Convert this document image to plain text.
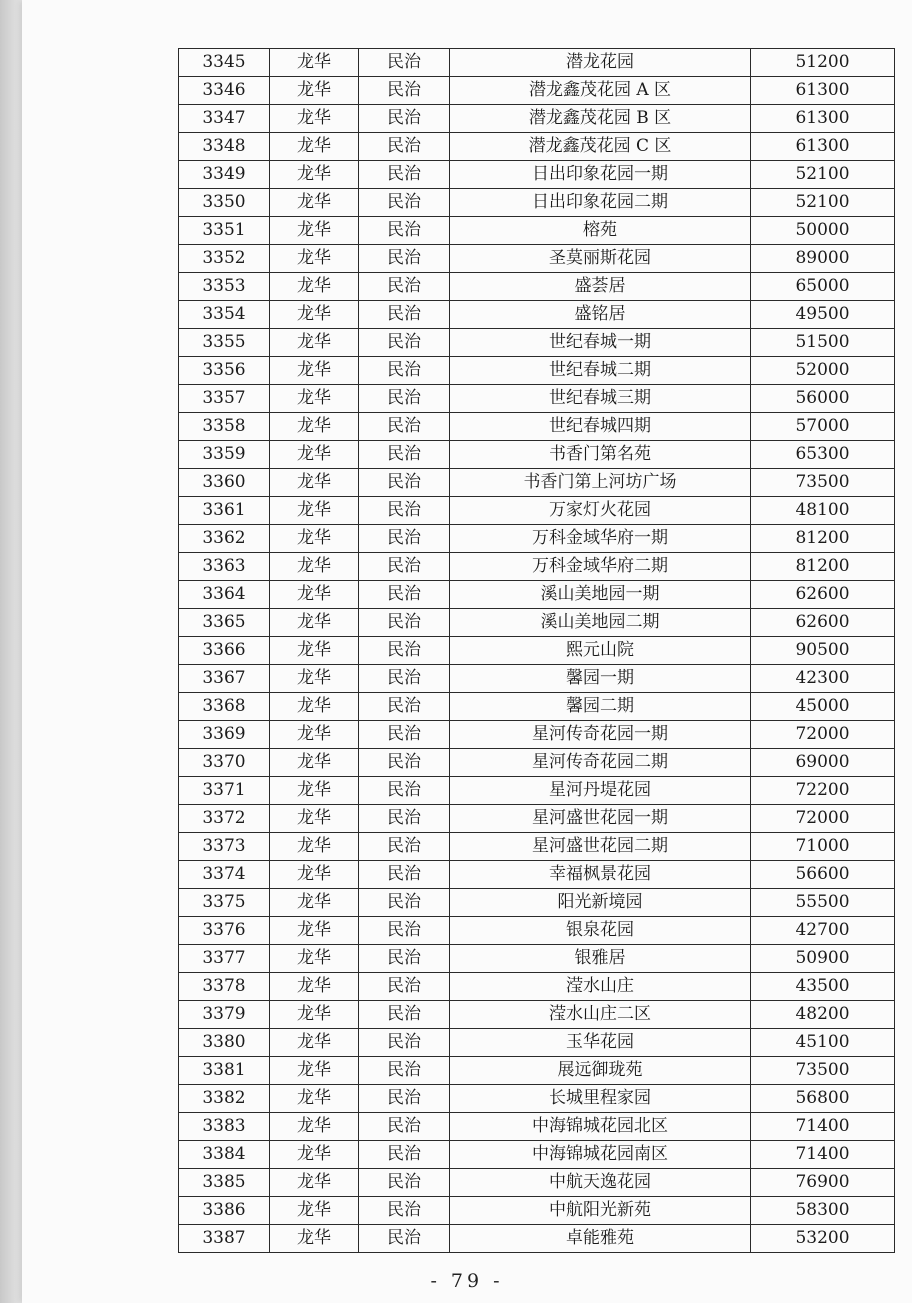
3345	龙华	民治	潜龙花园	51200
3346	龙华	民治	潜龙鑫茂花园 A 区	61300
3347	龙华	民治	潜龙鑫茂花园 B 区	61300
3348	龙华	民治	潜龙鑫茂花园 C 区	61300
3349	龙华	民治	日出印象花园一期	52100
3350	龙华	民治	日出印象花园二期	52100
3351	龙华	民治	榕苑	50000
3352	龙华	民治	圣莫丽斯花园	89000
3353	龙华	民治	盛荟居	65000
3354	龙华	民治	盛铭居	49500
3355	龙华	民治	世纪春城一期	51500
3356	龙华	民治	世纪春城二期	52000
3357	龙华	民治	世纪春城三期	56000
3358	龙华	民治	世纪春城四期	57000
3359	龙华	民治	书香门第名苑	65300
3360	龙华	民治	书香门第上河坊广场	73500
3361	龙华	民治	万家灯火花园	48100
3362	龙华	民治	万科金域华府一期	81200
3363	龙华	民治	万科金域华府二期	81200
3364	龙华	民治	溪山美地园一期	62600
3365	龙华	民治	溪山美地园二期	62600
3366	龙华	民治	熙元山院	90500
3367	龙华	民治	馨园一期	42300
3368	龙华	民治	馨园二期	45000
3369	龙华	民治	星河传奇花园一期	72000
3370	龙华	民治	星河传奇花园二期	69000
3371	龙华	民治	星河丹堤花园	72200
3372	龙华	民治	星河盛世花园一期	72000
3373	龙华	民治	星河盛世花园二期	71000
3374	龙华	民治	幸福枫景花园	56600
3375	龙华	民治	阳光新境园	55500
3376	龙华	民治	银泉花园	42700
3377	龙华	民治	银雅居	50900
3378	龙华	民治	滢水山庄	43500
3379	龙华	民治	滢水山庄二区	48200
3380	龙华	民治	玉华花园	45100
3381	龙华	民治	展远御珑苑	73500
3382	龙华	民治	长城里程家园	56800
3383	龙华	民治	中海锦城花园北区	71400
3384	龙华	民治	中海锦城花园南区	71400
3385	龙华	民治	中航天逸花园	76900
3386	龙华	民治	中航阳光新苑	58300
3387	龙华	民治	卓能雅苑	53200
- 79 -
